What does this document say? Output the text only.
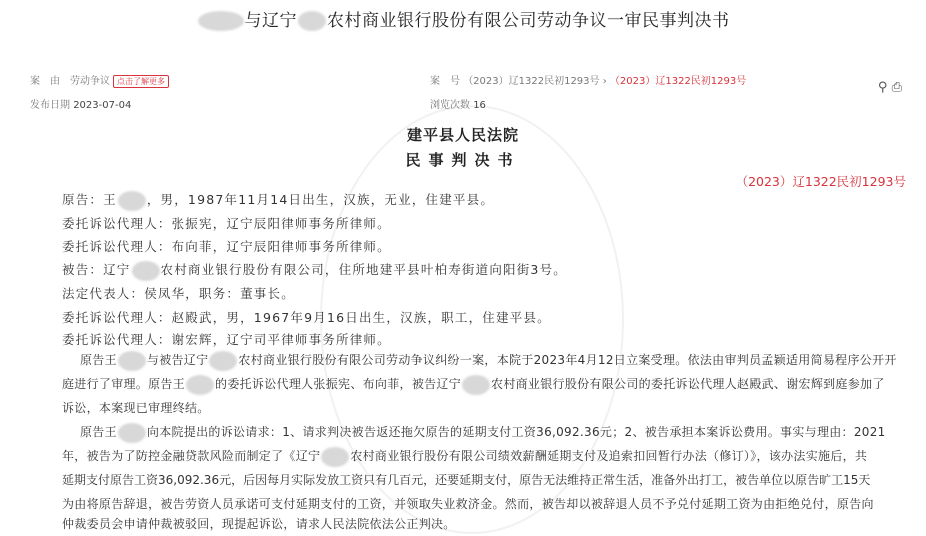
与辽宁 农村商业银行股份有限公司劳动争议一审民事判决书
案　由　 劳动争议 点击了解更多
发布日期 2023-07-04
案　号 （2023）辽1322民初1293号 › （2023）辽1322民初1293号
浏览次数 16
⚲ ⎙
建平县人民法院
民事判决书
（2023）辽1322民初1293号
原告：王 ，男，1987年11月14日出生，汉族，无业，住建平县。
委托诉讼代理人：张振宪，辽宁辰阳律师事务所律师。
委托诉讼代理人：布向菲，辽宁辰阳律师事务所律师。
被告：辽宁 农村商业银行股份有限公司，住所地建平县叶柏寿街道向阳街3号。
法定代表人：侯凤华，职务：董事长。
委托诉讼代理人：赵殿武，男，1967年9月16日出生，汉族，职工，住建平县。
委托诉讼代理人：谢宏辉，辽宁司平律师事务所律师。
原告王	与被告辽宁	农村商业银行股份有限公司劳动争议纠纷一案，本院于2023年4月12日立案受理。依法由审判员孟颖适用简易程序公开开
庭进行了审理。原告王	的委托诉讼代理人张振宪、布向菲，被告辽宁	农村商业银行股份有限公司的委托诉讼代理人赵殿武、谢宏辉到庭参加了
诉讼，本案现已审理终结。
原告王	向本院提出的诉讼请求：1、请求判决被告返还拖欠原告的延期支付工资36,092.36元；2、被告承担本案诉讼费用。事实与理由：2021
年，被告为了防控金融贷款风险而制定了《辽宁	农村商业银行股份有限公司绩效薪酬延期支付及追索扣回暂行办法（修订）》，该办法实施后，共
延期支付原告工资36,092.36元，后因每月实际发放工资只有几百元，还要延期支付，原告无法维持正常生活，准备外出打工，被告单位以原告旷工15天
为由将原告辞退，被告劳资人员承诺可支付延期支付的工资，并领取失业救济金。然而，被告却以被辞退人员不予兑付延期工资为由拒绝兑付，原告向
仲裁委员会申请仲裁被驳回，现提起诉讼，请求人民法院依法公正判决。
